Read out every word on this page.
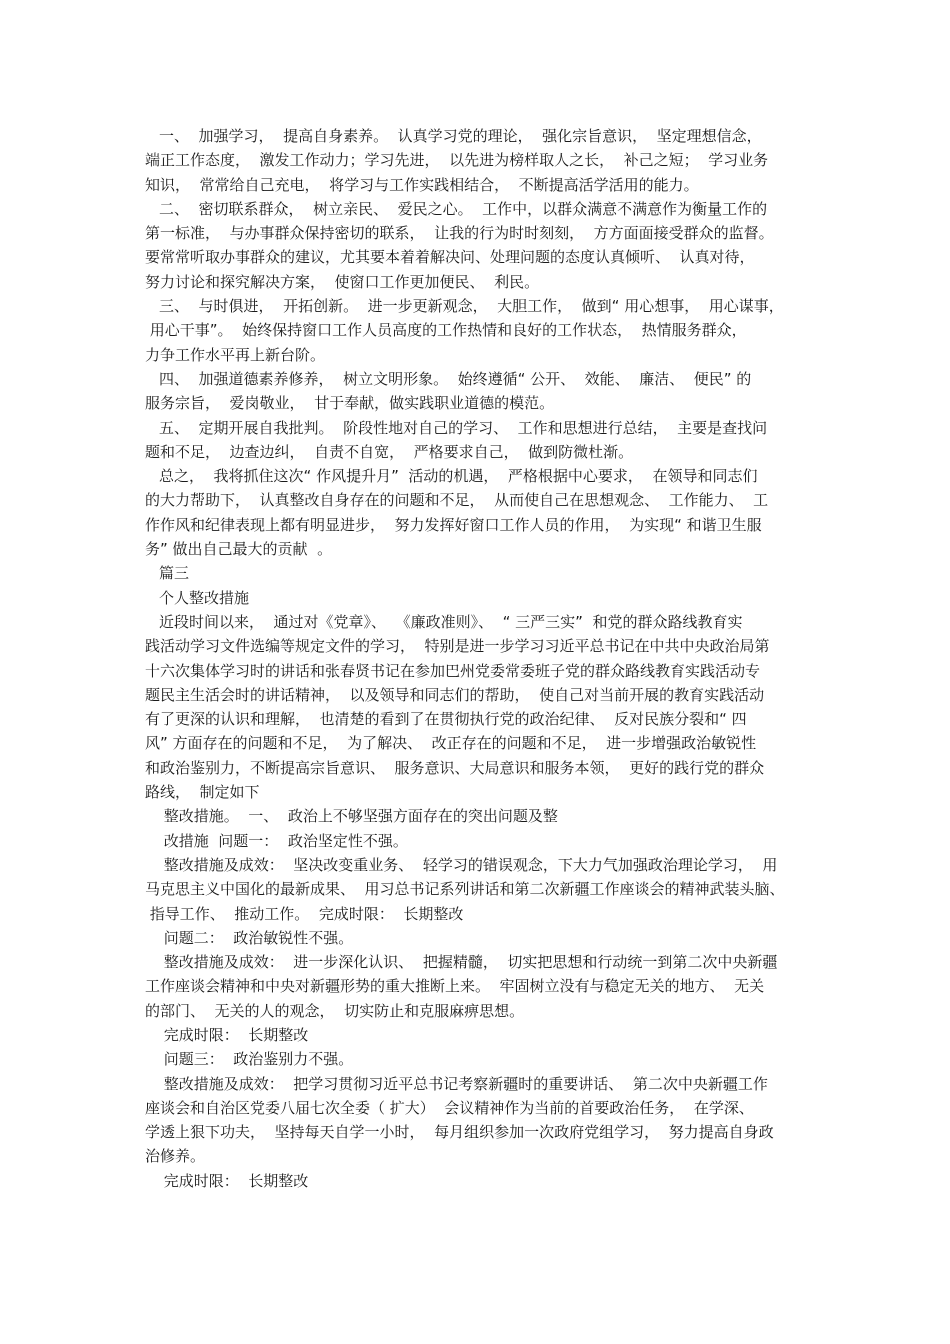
一、  加强学习，  提高自身素养。  认真学习党的理论，  强化宗旨意识，  坚定理想信念，
端正工作态度，  激发工作动力；学习先进，  以先进为榜样取人之长，  补己之短；  学习业务
知识，  常常给自己充电，  将学习与工作实践相结合，  不断提高活学活用的能力。
二、  密切联系群众，  树立亲民、  爱民之心。  工作中，以群众满意不满意作为衡量工作的
第一标准，  与办事群众保持密切的联系，  让我的行为时时刻刻，  方方面面接受群众的监督。
要常常听取办事群众的建议，尤其要本着着解决问、处理问题的态度认真倾听、  认真对待，
努力讨论和探究解决方案，  使窗口工作更加便民、  利民。
三、  与时俱进，  开拓创新。  进一步更新观念，  大胆工作，  做到“ 用心想事，  用心谋事，
用心干事”。  始终保持窗口工作人员高度的工作热情和良好的工作状态，  热情服务群众，
力争工作水平再上新台阶。
四、  加强道德素养修养，  树立文明形象。  始终遵循“ 公开、  效能、  廉洁、  便民” 的
服务宗旨，  爱岗敬业，  甘于奉献，做实践职业道德的模范。
五、  定期开展自我批判。  阶段性地对自己的学习、  工作和思想进行总结，  主要是查找问
题和不足，  边查边纠，  自责不自宽，  严格要求自己，  做到防微杜渐。
总之，  我将抓住这次“ 作风提升月”  活动的机遇，  严格根据中心要求，  在领导和同志们
的大力帮助下，  认真整改自身存在的问题和不足，  从而使自己在思想观念、  工作能力、  工
作作风和纪律表现上都有明显进步，  努力发挥好窗口工作人员的作用，  为实现“ 和谐卫生服
务” 做出自己最大的贡献  。
篇三
个人整改措施
近段时间以来，  通过对《党章》、  《廉政准则》、  “ 三严三实”  和党的群众路线教育实
践活动学习文件选编等规定文件的学习，  特别是进一步学习习近平总书记在中共中央政治局第
十六次集体学习时的讲话和张春贤书记在参加巴州党委常委班子党的群众路线教育实践活动专
题民主生活会时的讲话精神，  以及领导和同志们的帮助，  使自己对当前开展的教育实践活动
有了更深的认识和理解，  也清楚的看到了在贯彻执行党的政治纪律、  反对民族分裂和“ 四
风” 方面存在的问题和不足，  为了解决、  改正存在的问题和不足，  进一步增强政治敏锐性
和政治鉴别力，不断提高宗旨意识、  服务意识、大局意识和服务本领，  更好的践行党的群众
路线，  制定如下
整改措施。  一、  政治上不够坚强方面存在的突出问题及整
改措施  问题一：  政治坚定性不强。
整改措施及成效：  坚决改变重业务、  轻学习的错误观念，下大力气加强政治理论学习，  用
马克思主义中国化的最新成果、  用习总书记系列讲话和第二次新疆工作座谈会的精神武装头脑、
指导工作、  推动工作。  完成时限：  长期整改
问题二：  政治敏锐性不强。
整改措施及成效：  进一步深化认识、  把握精髓，  切实把思想和行动统一到第二次中央新疆
工作座谈会精神和中央对新疆形势的重大推断上来。  牢固树立没有与稳定无关的地方、  无关
的部门、  无关的人的观念，  切实防止和克服麻痹思想。
完成时限：  长期整改
问题三：  政治鉴别力不强。
整改措施及成效：  把学习贯彻习近平总书记考察新疆时的重要讲话、  第二次中央新疆工作
座谈会和自治区党委八届七次全委（ 扩大）  会议精神作为当前的首要政治任务，  在学深、
学透上狠下功夫，  坚持每天自学一小时，  每月组织参加一次政府党组学习，  努力提高自身政
治修养。
完成时限：  长期整改
